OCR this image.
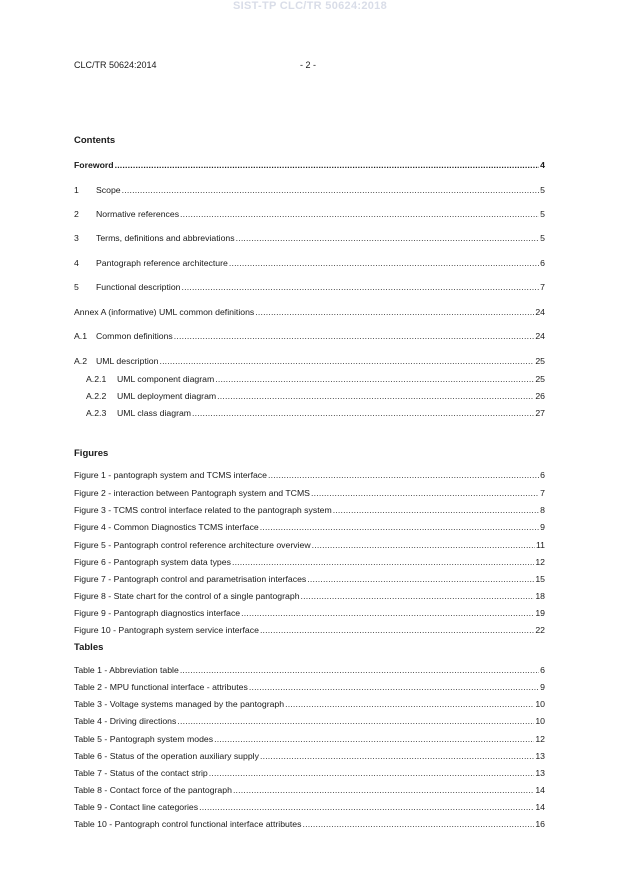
SIST-TP CLC/TR 50624:2018
CLC/TR 50624:2014	- 2 -
Contents
Foreword .....	4
1	Scope .....	5
2	Normative references .....	5
3	Terms, definitions and abbreviations .....	5
4	Pantograph reference architecture .....	6
5	Functional description .....	7
Annex A (informative) UML common definitions .....	24
A.1	Common definitions .....	24
A.2	UML description .....	25
A.2.1	UML component diagram .....	25
A.2.2	UML deployment diagram .....	26
A.2.3	UML class diagram .....	27
Figures
Figure 1 - pantograph system and TCMS interface .....	6
Figure 2 - interaction between Pantograph system and TCMS .....	7
Figure 3 - TCMS control interface related to the pantograph system .....	8
Figure 4 - Common Diagnostics TCMS interface .....	9
Figure 5 - Pantograph control reference architecture overview .....	11
Figure 6 - Pantograph system data types .....	12
Figure 7 - Pantograph control and parametrisation interfaces .....	15
Figure 8 - State chart for the control of a single pantograph .....	18
Figure 9 - Pantograph diagnostics interface .....	19
Figure 10 - Pantograph system service interface .....	22
Tables
Table 1 - Abbreviation table .....	6
Table 2 - MPU functional interface - attributes .....	9
Table 3 - Voltage systems managed by the pantograph .....	10
Table 4 - Driving directions .....	10
Table 5 - Pantograph system modes .....	12
Table 6 - Status of the operation auxiliary supply .....	13
Table 7 - Status of the contact strip .....	13
Table 8 - Contact force of the pantograph .....	14
Table 9 - Contact line categories .....	14
Table 10 - Pantograph control functional interface attributes .....	16
